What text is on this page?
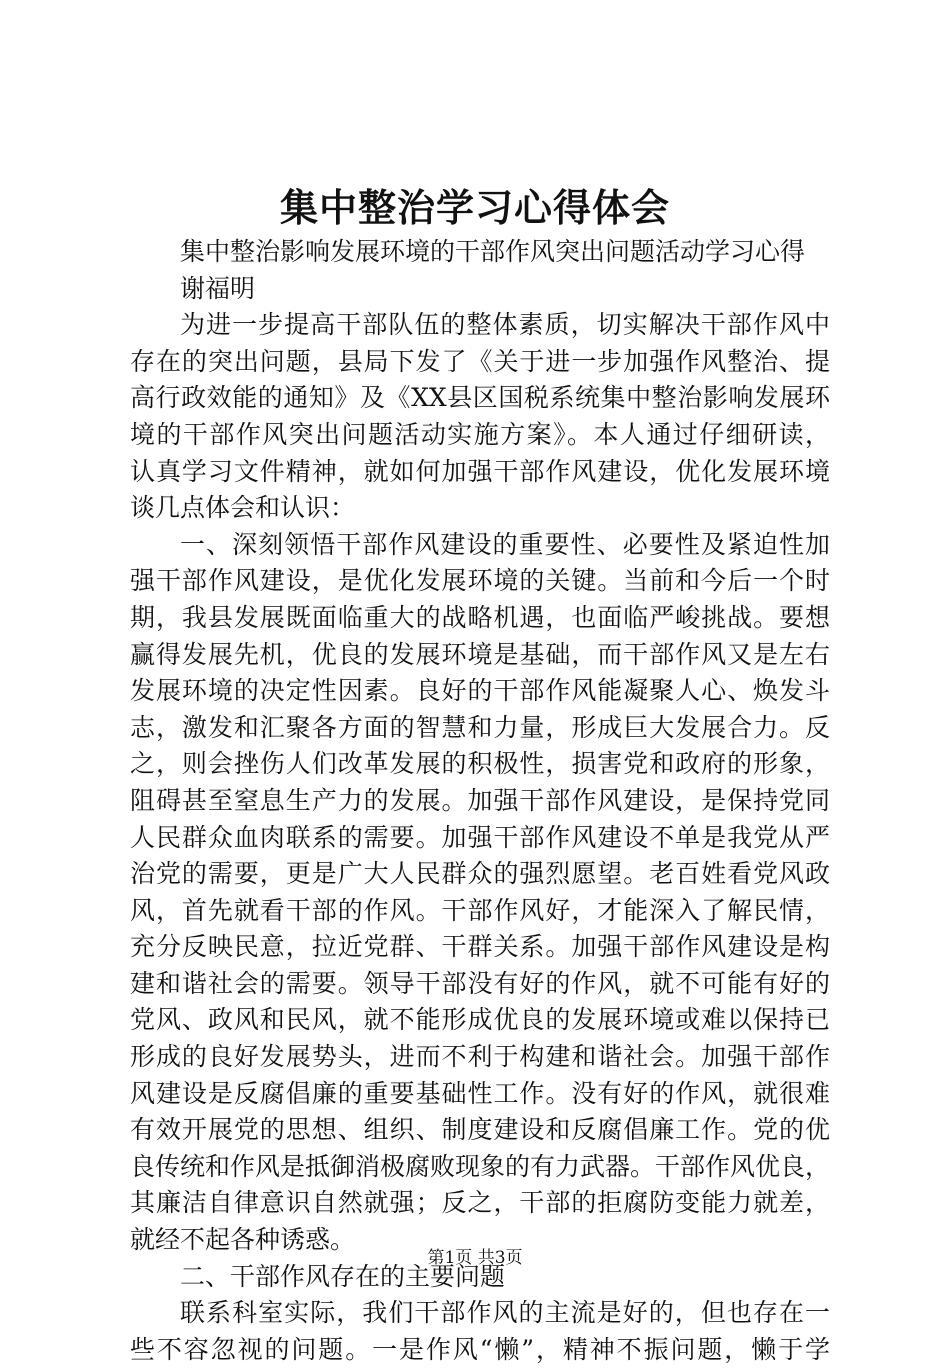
集中整治学习心得体会
集中整治影响发展环境的干部作风突出问题活动学习心得
谢福明
为进一步提高干部队伍的整体素质，切实解决干部作风中
存在的突出问题，县局下发了《关于进一步加强作风整治、提
高行政效能的通知》及《XX县区国税系统集中整治影响发展环
境的干部作风突出问题活动实施方案》。本人通过仔细研读，
认真学习文件精神，就如何加强干部作风建设，优化发展环境
谈几点体会和认识：
一、深刻领悟干部作风建设的重要性、必要性及紧迫性加
强干部作风建设，是优化发展环境的关键。当前和今后一个时
期，我县发展既面临重大的战略机遇，也面临严峻挑战。要想
赢得发展先机，优良的发展环境是基础，而干部作风又是左右
发展环境的决定性因素。良好的干部作风能凝聚人心、焕发斗
志，激发和汇聚各方面的智慧和力量，形成巨大发展合力。反
之，则会挫伤人们改革发展的积极性，损害党和政府的形象，
阻碍甚至窒息生产力的发展。加强干部作风建设，是保持党同
人民群众血肉联系的需要。加强干部作风建设不单是我党从严
治党的需要，更是广大人民群众的强烈愿望。老百姓看党风政
风，首先就看干部的作风。干部作风好，才能深入了解民情，
充分反映民意，拉近党群、干群关系。加强干部作风建设是构
建和谐社会的需要。领导干部没有好的作风，就不可能有好的
党风、政风和民风，就不能形成优良的发展环境或难以保持已
形成的良好发展势头，进而不利于构建和谐社会。加强干部作
风建设是反腐倡廉的重要基础性工作。没有好的作风，就很难
有效开展党的思想、组织、制度建设和反腐倡廉工作。党的优
良传统和作风是抵御消极腐败现象的有力武器。干部作风优良，
其廉洁自律意识自然就强；反之，干部的拒腐防变能力就差，
就经不起各种诱惑。
二、干部作风存在的主要问题
联系科室实际，我们干部作风的主流是好的，但也存在一
些不容忽视的问题。一是作风“懒”，精神不振问题，懒于学
第1页 共3页
